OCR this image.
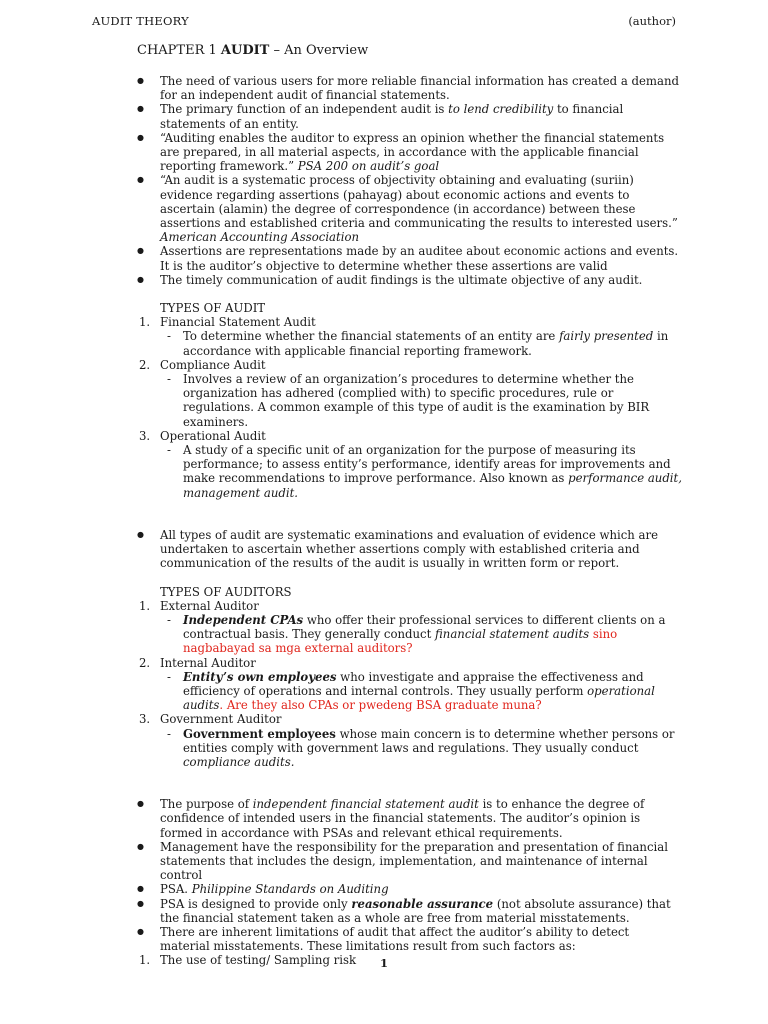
AUDIT THEORY	(author)
CHAPTER 1 AUDIT – An Overview
● The need of various users for more reliable financial information has created a demand for an independent audit of financial statements.
● The primary function of an independent audit is to lend credibility to financial statements of an entity.
● “Auditing enables the auditor to express an opinion whether the financial statements are prepared, in all material aspects, in accordance with the applicable financial reporting framework.” PSA 200 on audit’s goal
● “An audit is a systematic process of objectivity obtaining and evaluating (suriin) evidence regarding assertions (pahayag) about economic actions and events to ascertain (alamin) the degree of correspondence (in accordance) between these assertions and established criteria and communicating the results to interested users.” American Accounting Association
● Assertions are representations made by an auditee about economic actions and events. It is the auditor’s objective to determine whether these assertions are valid
● The timely communication of audit findings is the ultimate objective of any audit.
TYPES OF AUDIT
1. Financial Statement Audit
- To determine whether the financial statements of an entity are fairly presented in accordance with applicable financial reporting framework.
2. Compliance Audit
- Involves a review of an organization’s procedures to determine whether the organization has adhered (complied with) to specific procedures, rule or regulations. A common example of this type of audit is the examination by BIR examiners.
3. Operational Audit
- A study of a specific unit of an organization for the purpose of measuring its performance; to assess entity’s performance, identify areas for improvements and make recommendations to improve performance. Also known as performance audit, management audit.
● All types of audit are systematic examinations and evaluation of evidence which are undertaken to ascertain whether assertions comply with established criteria and communication of the results of the audit is usually in written form or report.
TYPES OF AUDITORS
1. External Auditor
- Independent CPAs who offer their professional services to different clients on a contractual basis. They generally conduct financial statement audits sino nagbabayad sa mga external auditors?
2. Internal Auditor
- Entity’s own employees who investigate and appraise the effectiveness and efficiency of operations and internal controls. They usually perform operational audits. Are they also CPAs or pwedeng BSA graduate muna?
3. Government Auditor
- Government employees whose main concern is to determine whether persons or entities comply with government laws and regulations. They usually conduct compliance audits.
● The purpose of independent financial statement audit is to enhance the degree of confidence of intended users in the financial statements. The auditor’s opinion is formed in accordance with PSAs and relevant ethical requirements.
● Management have the responsibility for the preparation and presentation of financial statements that includes the design, implementation, and maintenance of internal control
● PSA. Philippine Standards on Auditing
● PSA is designed to provide only reasonable assurance (not absolute assurance) that the financial statement taken as a whole are free from material misstatements.
● There are inherent limitations of audit that affect the auditor’s ability to detect material misstatements. These limitations result from such factors as:
1. The use of testing/ Sampling risk	1
